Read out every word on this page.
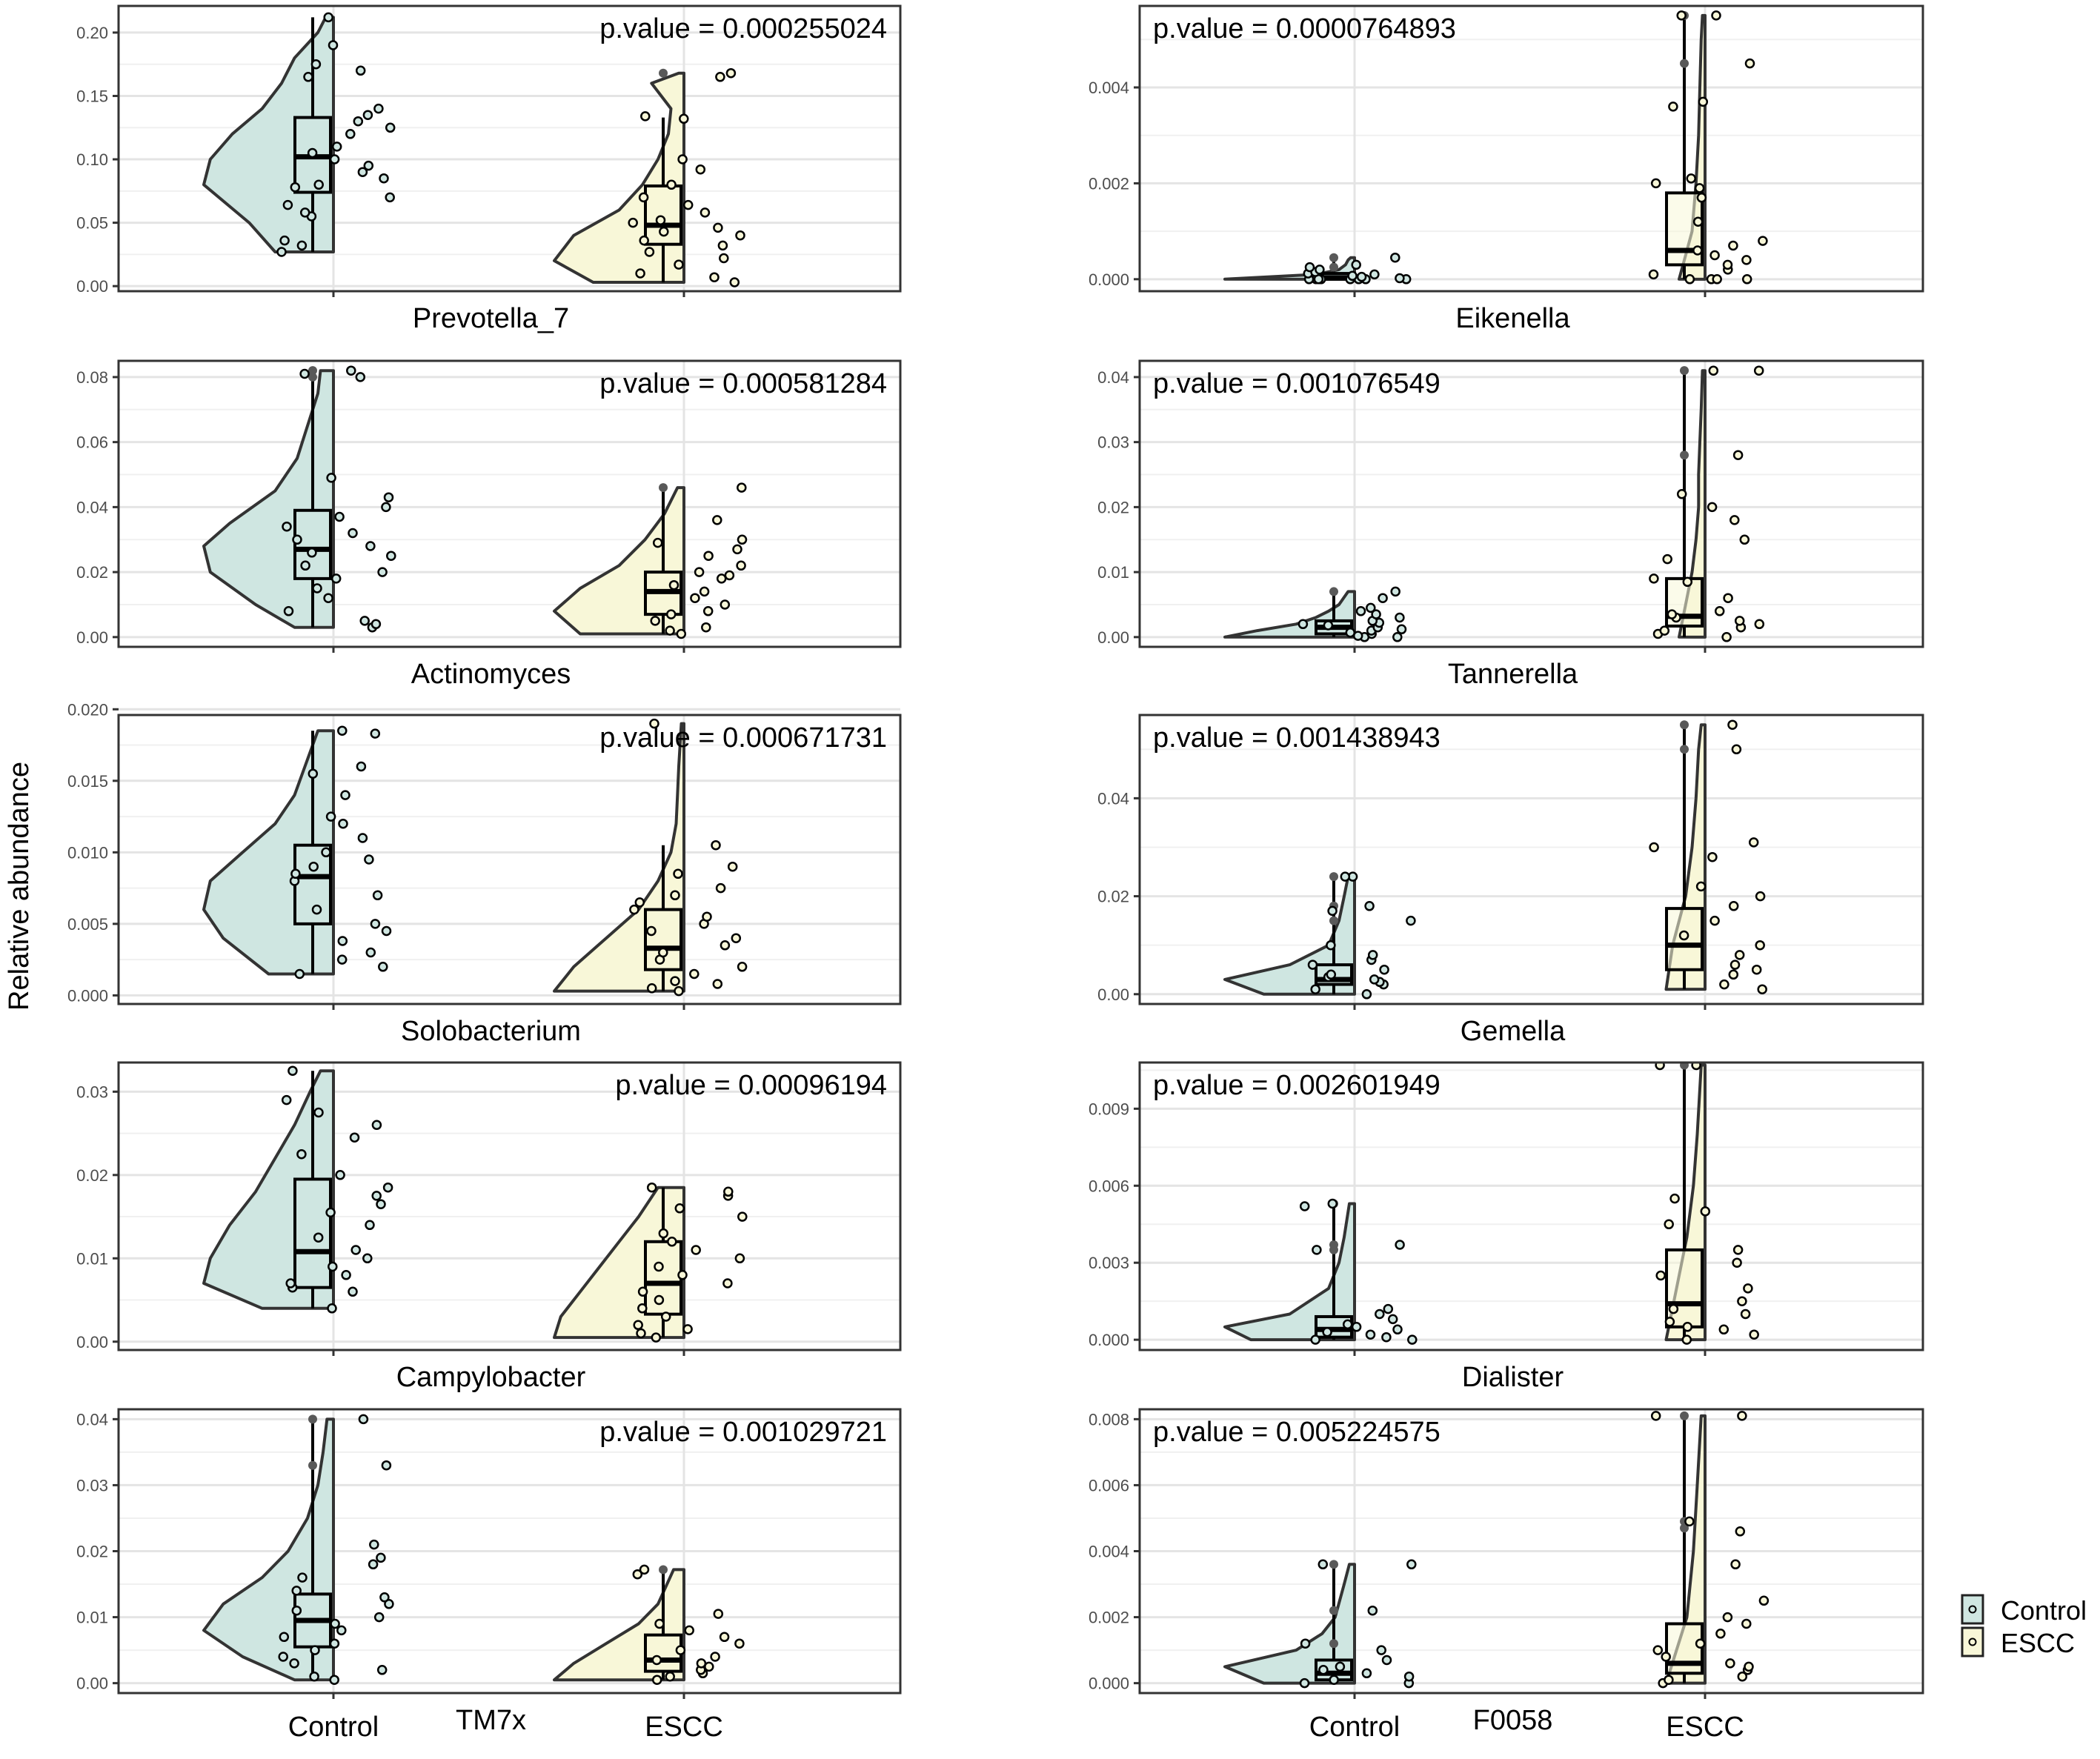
0.00
0.05
0.10
0.15
0.20
Prevotella_7
p.value = 0.000255024
0.000
0.002
0.004
Eikenella
p.value = 0.0000764893
0.00
0.02
0.04
0.06
0.08
Actinomyces
p.value = 0.000581284
0.00
0.01
0.02
0.03
0.04
Tannerella
p.value = 0.001076549
0.000
0.005
0.010
0.015
0.020
Solobacterium
p.value = 0.000671731
0.00
0.02
0.04
Gemella
p.value = 0.001438943
0.00
0.01
0.02
0.03
Campylobacter
p.value = 0.00096194
0.000
0.003
0.006
0.009
Dialister
p.value = 0.002601949
0.00
0.01
0.02
0.03
0.04
TM7x
p.value = 0.001029721
Control	ESCC
0.000
0.002
0.004
0.006
0.008
F0058
p.value = 0.005224575
Control	ESCC
Relative abundance
Control
ESCC
